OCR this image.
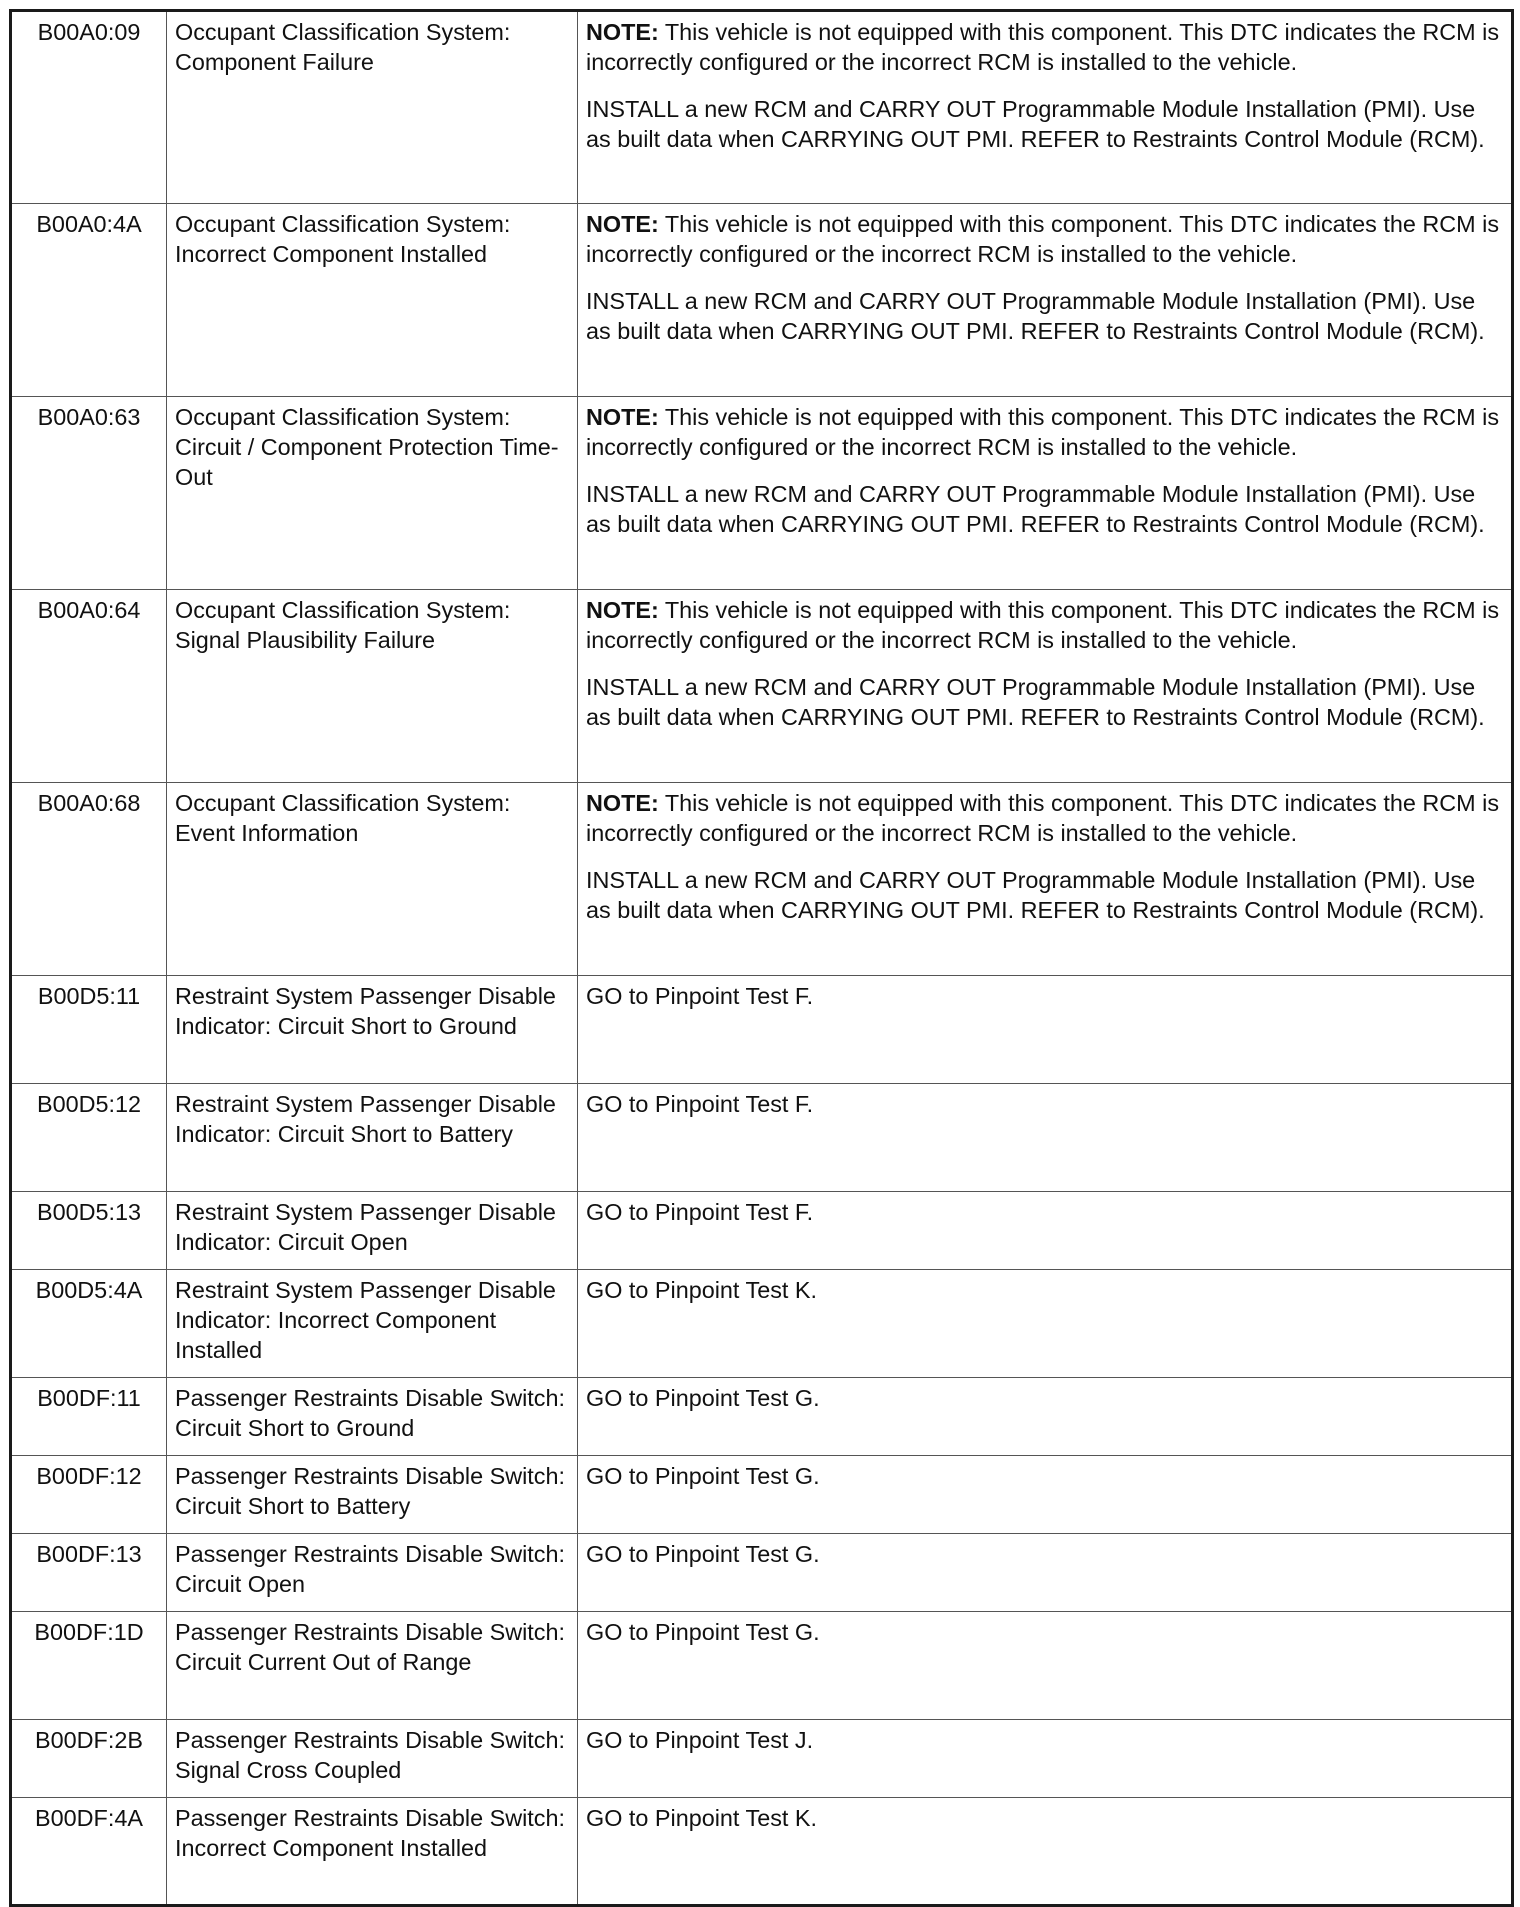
B00A0:09	Occupant Classification System: Component Failure	NOTE: This vehicle is not equipped with this component. This DTC indicates the RCM is incorrectly configured or the incorrect RCM is installed to the vehicle.

INSTALL a new RCM and CARRY OUT Programmable Module Installation (PMI). Use as built data when CARRYING OUT PMI. REFER to Restraints Control Module (RCM).

B00A0:4A	Occupant Classification System: Incorrect Component Installed	NOTE: This vehicle is not equipped with this component. This DTC indicates the RCM is incorrectly configured or the incorrect RCM is installed to the vehicle.

INSTALL a new RCM and CARRY OUT Programmable Module Installation (PMI). Use as built data when CARRYING OUT PMI. REFER to Restraints Control Module (RCM).

B00A0:63	Occupant Classification System: Circuit / Component Protection Time-Out	NOTE: This vehicle is not equipped with this component. This DTC indicates the RCM is incorrectly configured or the incorrect RCM is installed to the vehicle.

INSTALL a new RCM and CARRY OUT Programmable Module Installation (PMI). Use as built data when CARRYING OUT PMI. REFER to Restraints Control Module (RCM).

B00A0:64	Occupant Classification System: Signal Plausibility Failure	NOTE: This vehicle is not equipped with this component. This DTC indicates the RCM is incorrectly configured or the incorrect RCM is installed to the vehicle.

INSTALL a new RCM and CARRY OUT Programmable Module Installation (PMI). Use as built data when CARRYING OUT PMI. REFER to Restraints Control Module (RCM).

B00A0:68	Occupant Classification System: Event Information	NOTE: This vehicle is not equipped with this component. This DTC indicates the RCM is incorrectly configured or the incorrect RCM is installed to the vehicle.

INSTALL a new RCM and CARRY OUT Programmable Module Installation (PMI). Use as built data when CARRYING OUT PMI. REFER to Restraints Control Module (RCM).

B00D5:11	Restraint System Passenger Disable Indicator: Circuit Short to Ground	GO to Pinpoint Test F.

B00D5:12	Restraint System Passenger Disable Indicator: Circuit Short to Battery	GO to Pinpoint Test F.

B00D5:13	Restraint System Passenger Disable Indicator: Circuit Open	GO to Pinpoint Test F.

B00D5:4A	Restraint System Passenger Disable Indicator: Incorrect Component Installed	GO to Pinpoint Test K.

B00DF:11	Passenger Restraints Disable Switch: Circuit Short to Ground	GO to Pinpoint Test G.

B00DF:12	Passenger Restraints Disable Switch: Circuit Short to Battery	GO to Pinpoint Test G.

B00DF:13	Passenger Restraints Disable Switch: Circuit Open	GO to Pinpoint Test G.

B00DF:1D	Passenger Restraints Disable Switch: Circuit Current Out of Range	GO to Pinpoint Test G.

B00DF:2B	Passenger Restraints Disable Switch: Signal Cross Coupled	GO to Pinpoint Test J.

B00DF:4A	Passenger Restraints Disable Switch: Incorrect Component Installed	GO to Pinpoint Test K.
